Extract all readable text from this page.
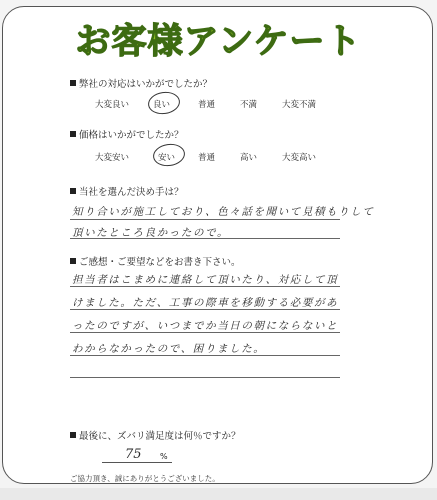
お客様アンケート
弊社の対応はいかがでしたか？
大変良い	良い	普通	不満	大変不満
価格はいかがでしたか？
大変安い	安い	普通	高い	大変高い
当社を選んだ決め手は？
知り合いが施工しており、色々話を聞いて見積もりして
頂いたところ良かったので。
ご感想・ご要望などをお書き下さい。
担当者はこまめに連絡して頂いたり、対応して頂
けました。ただ、工事の際車を移動する必要があ
ったのですが、いつまでか当日の朝にならないと
わからなかったので、困りました。
最後に、ズバリ満足度は何％ですか？
75 %
ご協力頂き、誠にありがとうございました。
